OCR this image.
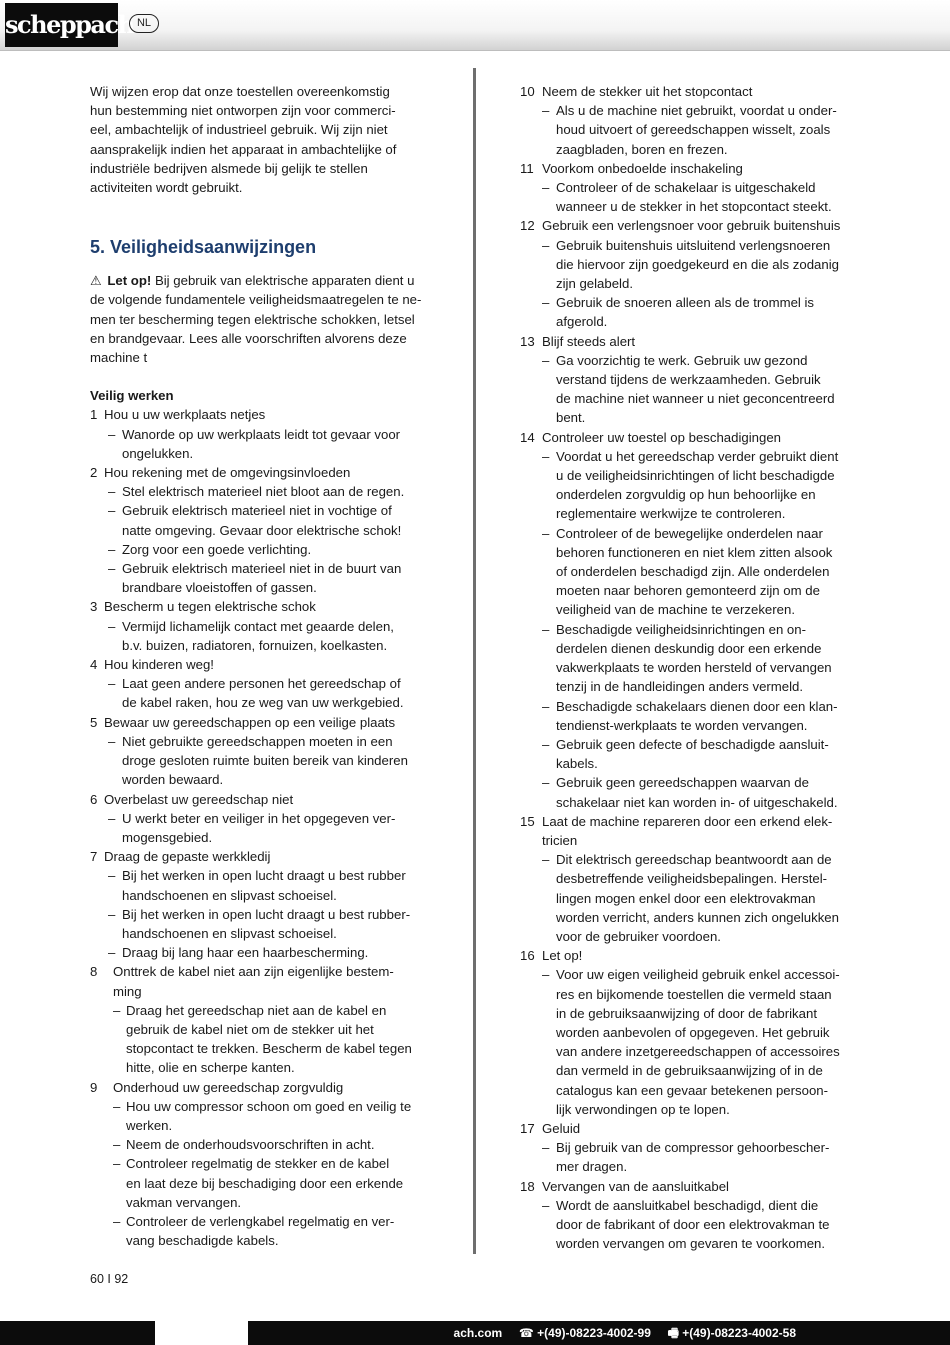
scheppach NL

Wij wijzen erop dat onze toestellen overeenkomstig
hun bestemming niet ontworpen zijn voor commerci-
eel, ambachtelijk of industrieel gebruik. Wij zijn niet
aansprakelijk indien het apparaat in ambachtelijke of
industriële bedrijven alsmede bij gelijk te stellen
activiteiten wordt gebruikt.

5. Veiligheidsaanwijzingen

⚠ Let op! Bij gebruik van elektrische apparaten dient u
de volgende fundamentele veiligheidsmaatregelen te ne-
men ter bescherming tegen elektrische schokken, letsel
en brandgevaar. Lees alle voorschriften alvorens deze
machine t

Veilig werken
1 Hou u uw werkplaats netjes
– Wanorde op uw werkplaats leidt tot gevaar voor
ongelukken.
2 Hou rekening met de omgevingsinvloeden
– Stel elektrisch materieel niet bloot aan de regen.
– Gebruik elektrisch materieel niet in vochtige of
natte omgeving. Gevaar door elektrische schok!
– Zorg voor een goede verlichting.
– Gebruik elektrisch materieel niet in de buurt van
brandbare vloeistoffen of gassen.
3 Bescherm u tegen elektrische schok
– Vermijd lichamelijk contact met geaarde delen,
b.v. buizen, radiatoren, fornuizen, koelkasten.
4 Hou kinderen weg!
– Laat geen andere personen het gereedschap of
de kabel raken, hou ze weg van uw werkgebied.
5 Bewaar uw gereedschappen op een veilige plaats
– Niet gebruikte gereedschappen moeten in een
droge gesloten ruimte buiten bereik van kinderen
worden bewaard.
6 Overbelast uw gereedschap niet
– U werkt beter en veiliger in het opgegeven ver-
mogensgebied.
7 Draag de gepaste werkkledij
– Bij het werken in open lucht draagt u best rubber
handschoenen en slipvast schoeisel.
– Bij het werken in open lucht draagt u best rubber-
handschoenen en slipvast schoeisel.
– Draag bij lang haar een haarbescherming.
8 Onttrek de kabel niet aan zijn eigenlijke bestem-
ming
– Draag het gereedschap niet aan de kabel en
gebruik de kabel niet om de stekker uit het
stopcontact te trekken. Bescherm de kabel tegen
hitte, olie en scherpe kanten.
9 Onderhoud uw gereedschap zorgvuldig
– Hou uw compressor schoon om goed en veilig te
werken.
– Neem de onderhoudsvoorschriften in acht.
– Controleer regelmatig de stekker en de kabel
en laat deze bij beschadiging door een erkende
vakman vervangen.
– Controleer de verlengkabel regelmatig en ver-
vang beschadigde kabels.
10 Neem de stekker uit het stopcontact
– Als u de machine niet gebruikt, voordat u onder-
houd uitvoert of gereedschappen wisselt, zoals
zaagbladen, boren en frezen.
11 Voorkom onbedoelde inschakeling
– Controleer of de schakelaar is uitgeschakeld
wanneer u de stekker in het stopcontact steekt.
12 Gebruik een verlengsnoer voor gebruik buitenshuis
– Gebruik buitenshuis uitsluitend verlengsnoeren
die hiervoor zijn goedgekeurd en die als zodanig
zijn gelabeld.
– Gebruik de snoeren alleen als de trommel is
afgerold.
13 Blijf steeds alert
– Ga voorzichtig te werk. Gebruik uw gezond
verstand tijdens de werkzaamheden. Gebruik
de machine niet wanneer u niet geconcentreerd
bent.
14 Controleer uw toestel op beschadigingen
– Voordat u het gereedschap verder gebruikt dient
u de veiligheidsinrichtingen of licht beschadigde
onderdelen zorgvuldig op hun behoorlijke en
reglementaire werkwijze te controleren.
– Controleer of de bewegelijke onderdelen naar
behoren functioneren en niet klem zitten alsook
of onderdelen beschadigd zijn. Alle onderdelen
moeten naar behoren gemonteerd zijn om de
veiligheid van de machine te verzekeren.
– Beschadigde veiligheidsinrichtingen en on-
derdelen dienen deskundig door een erkende
vakwerkplaats te worden hersteld of vervangen
tenzij in de handleidingen anders vermeld.
– Beschadigde schakelaars dienen door een klan-
tendienst-werkplaats te worden vervangen.
– Gebruik geen defecte of beschadigde aansluit-
kabels.
– Gebruik geen gereedschappen waarvan de
schakelaar niet kan worden in- of uitgeschakeld.
15 Laat de machine repareren door een erkend elek-
tricien
– Dit elektrisch gereedschap beantwoordt aan de
desbetreffende veiligheidsbepalingen. Herstel-
lingen mogen enkel door een elektrovakman
worden verricht, anders kunnen zich ongelukken
voor de gebruiker voordoen.
16 Let op!
– Voor uw eigen veiligheid gebruik enkel accessoi-
res en bijkomende toestellen die vermeld staan
in de gebruiksaanwijzing of door de fabrikant
worden aanbevolen of opgegeven. Het gebruik
van andere inzetgereedschappen of accessoires
dan vermeld in de gebruiksaanwijzing of in de
catalogus kan een gevaar betekenen persoon-
lijk verwondingen op te lopen.
17 Geluid
– Bij gebruik van de compressor gehoorbescher-
mer dragen.
18 Vervangen van de aansluitkabel
– Wordt de aansluitkabel beschadigd, dient die
door de fabrikant of door een elektrovakman te
worden vervangen om gevaren te voorkomen.
60 I 92
ach.com ☎ +(49)-08223-4002-99 🖷 +(49)-08223-4002-58
